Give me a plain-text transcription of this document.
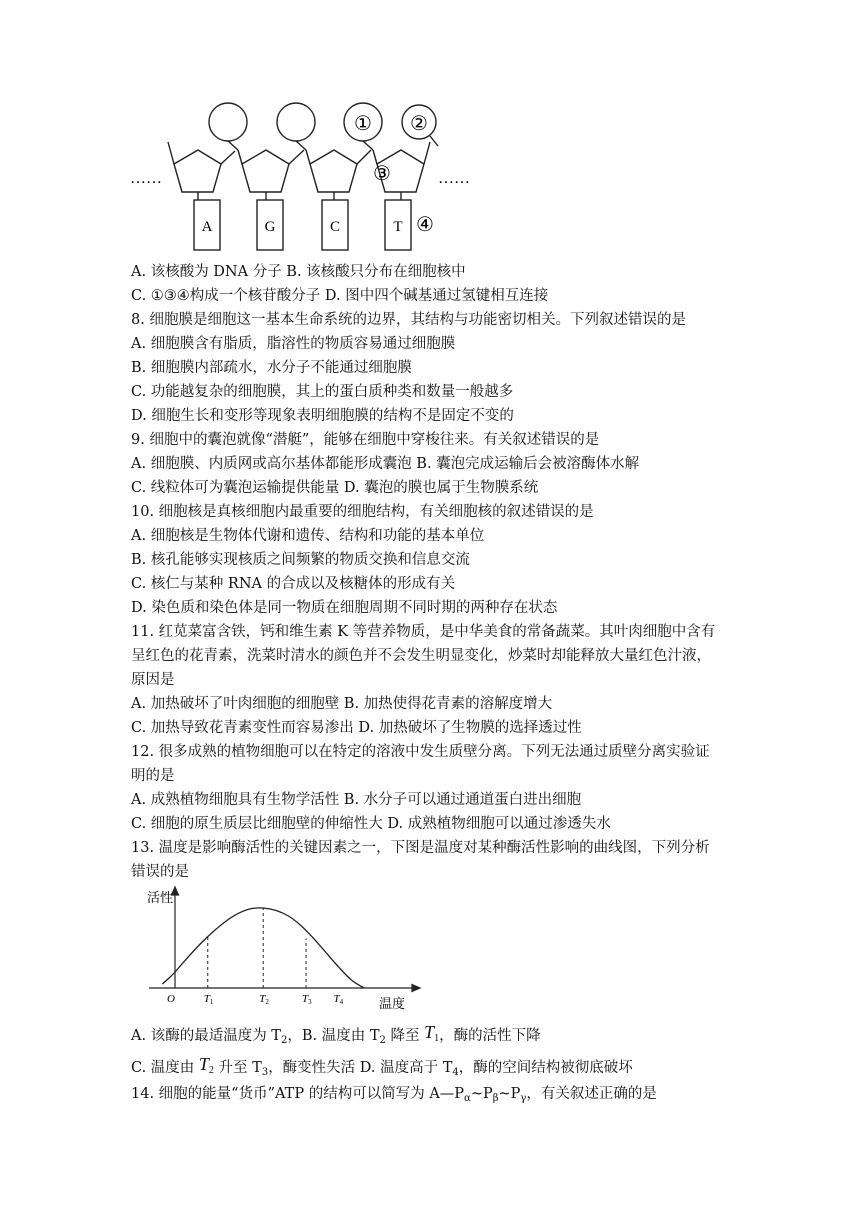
……	……
A	G	C	T
① ②
③
④
A. 该核酸为 DNA 分子 B. 该核酸只分布在细胞核中
C. ①③④构成一个核苷酸分子 D. 图中四个碱基通过氢键相互连接
8. 细胞膜是细胞这一基本生命系统的边界，其结构与功能密切相关。下列叙述错误的是
A. 细胞膜含有脂质，脂溶性的物质容易通过细胞膜
B. 细胞膜内部疏水，水分子不能通过细胞膜
C. 功能越复杂的细胞膜，其上的蛋白质种类和数量一般越多
D. 细胞生长和变形等现象表明细胞膜的结构不是固定不变的
9. 细胞中的囊泡就像“潜艇”，能够在细胞中穿梭往来。有关叙述错误的是
A. 细胞膜、内质网或高尔基体都能形成囊泡 B. 囊泡完成运输后会被溶酶体水解
C. 线粒体可为囊泡运输提供能量 D. 囊泡的膜也属于生物膜系统
10. 细胞核是真核细胞内最重要的细胞结构，有关细胞核的叙述错误的是
A. 细胞核是生物体代谢和遗传、结构和功能的基本单位
B. 核孔能够实现核质之间频繁的物质交换和信息交流
C. 核仁与某种 RNA 的合成以及核糖体的形成有关
D. 染色质和染色体是同一物质在细胞周期不同时期的两种存在状态
11. 红苋菜富含铁，钙和维生素 K 等营养物质，是中华美食的常备蔬菜。其叶肉细胞中含有
呈红色的花青素，洗菜时清水的颜色并不会发生明显变化，炒菜时却能释放大量红色汁液，
原因是
A. 加热破坏了叶肉细胞的细胞壁 B. 加热使得花青素的溶解度增大
C. 加热导致花青素变性而容易渗出 D. 加热破坏了生物膜的选择透过性
12. 很多成熟的植物细胞可以在特定的溶液中发生质壁分离。下列无法通过质壁分离实验证
明的是
A. 成熟植物细胞具有生物学活性 B. 水分子可以通过通道蛋白进出细胞
C. 细胞的原生质层比细胞壁的伸缩性大 D. 成熟植物细胞可以通过渗透失水
13. 温度是影响酶活性的关键因素之一，下图是温度对某种酶活性影响的曲线图，下列分析
错误的是
活性
温度
O	T1	T2	T3 T4
A. 该酶的最适温度为 $T_2$，B. 温度由 $T_2$ 降至 $T_1$，酶的活性下降
C. 温度由 $T_2$ 升至 $T_3$，酶变性失活 D. 温度高于 $T_4$，酶的空间结构被彻底破坏
14. 细胞的能量“货币”ATP 的结构可以简写为 $A—P_\alpha\sim P_\beta\sim P_\gamma$，有关叙述正确的是
